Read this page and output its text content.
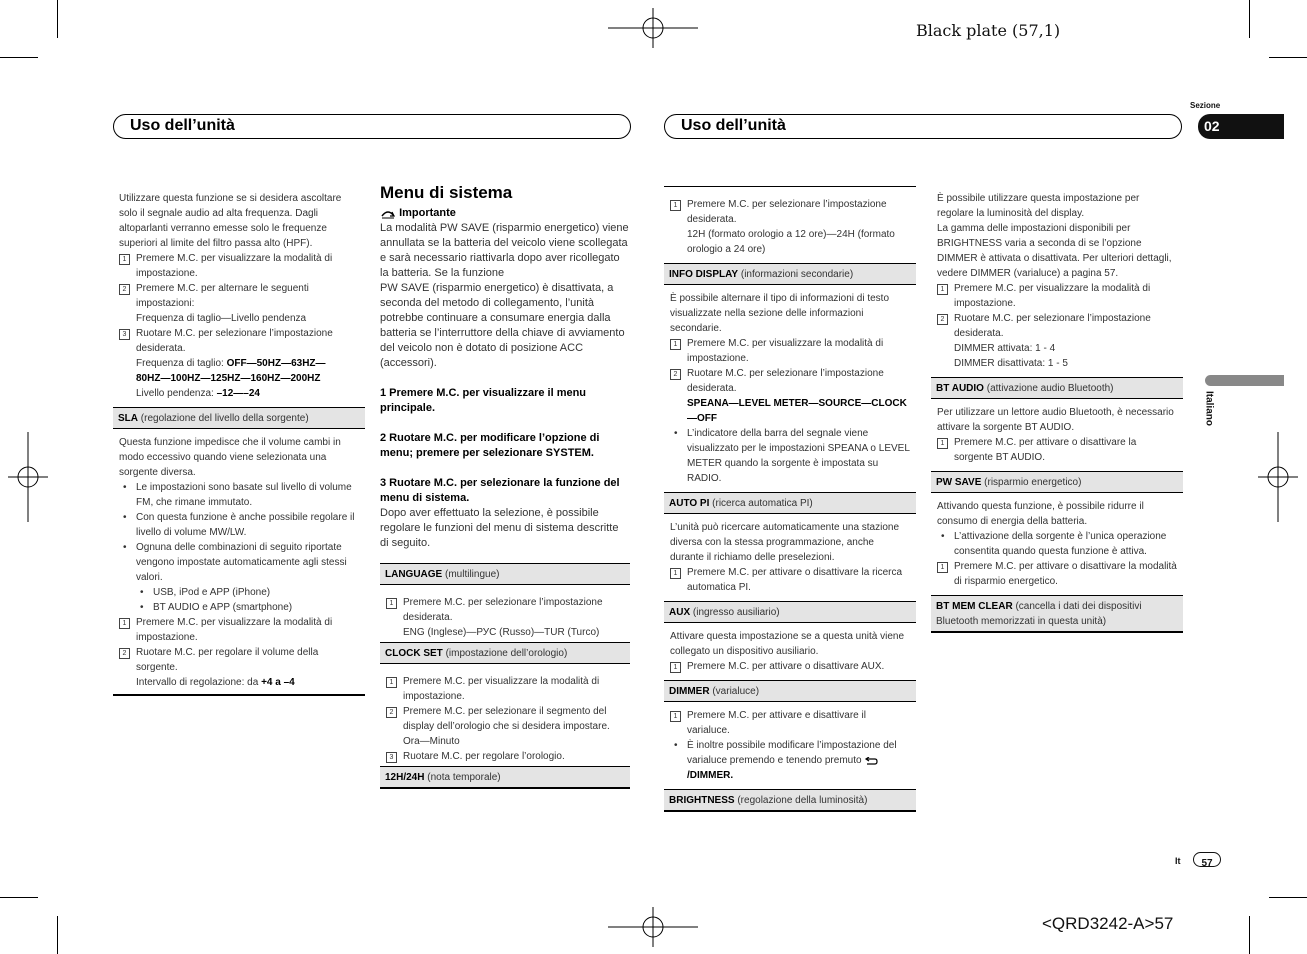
Black plate (57,1)
<QRD3242-A>57
Uso dell’unità	Uso dell’unità
Sezione
02
Italiano
It	57

Utilizzare questa funzione se si desidera ascoltare solo il segnale audio ad alta frequenza. Dagli altoparlanti verranno emesse solo le frequenze superiori al limite del filtro passa alto (HPF).

1 Premere M.C. per visualizzare la modalità di impostazione.
2 Premere M.C. per alternare le seguenti impostazioni:

Frequenza di taglio—Livello pendenza

3 Ruotare M.C. per selezionare l’impostazione desiderata.

Frequenza di taglio: OFF—50HZ—63HZ—

80HZ—100HZ—125HZ—160HZ—200HZ

Livello pendenza: –12—–24

SLA (regolazione del livello della sorgente)

Questa funzione impedisce che il volume cambi in modo eccessivo quando viene selezionata una sorgente diversa.

• Le impostazioni sono basate sul livello di volume FM, che rimane immutato.
• Con questa funzione è anche possibile regolare il livello di volume MW/LW.
• Ognuna delle combinazioni di seguito riportate vengono impostate automaticamente agli stessi valori.
• USB, iPod e APP (iPhone)
• BT AUDIO e APP (smartphone)
1 Premere M.C. per visualizzare la modalità di impostazione.
2 Ruotare M.C. per regolare il volume della sorgente.

Intervallo di regolazione: da +4 a –4

Menu di sistema

Importante

La modalità PW SAVE (risparmio energetico) viene annullata se la batteria del veicolo viene scollegata e sarà necessario riattivarla dopo aver ricollegato la batteria. Se la funzione

PW SAVE (risparmio energetico) è disattivata, a seconda del metodo di collegamento, l’unità potrebbe continuare a consumare energia dalla batteria se l’interruttore della chiave di avviamento del veicolo non è dotato di posizione ACC (accessori).

1 Premere M.C. per visualizzare il menu principale.

2 Ruotare M.C. per modificare l’opzione di menu; premere per selezionare SYSTEM.

3 Ruotare M.C. per selezionare la funzione del menu di sistema.

Dopo aver effettuato la selezione, è possibile regolare le funzioni del menu di sistema descritte di seguito.

LANGUAGE (multilingue)
1 Premere M.C. per selezionare l’impostazione desiderata.

ENG (Inglese)—РУС (Russo)—TUR (Turco)

CLOCK SET (impostazione dell’orologio)
1 Premere M.C. per visualizzare la modalità di impostazione.
2 Premere M.C. per selezionare il segmento del display dell’orologio che si desidera impostare.

Ora—Minuto

3 Ruotare M.C. per regolare l’orologio.
12H/24H (nota temporale)
1 Premere M.C. per selezionare l’impostazione desiderata.

12H (formato orologio a 12 ore)—24H (formato orologio a 24 ore)

INFO DISPLAY (informazioni secondarie)

È possibile alternare il tipo di informazioni di testo visualizzate nella sezione delle informazioni secondarie.

1 Premere M.C. per visualizzare la modalità di impostazione.
2 Ruotare M.C. per selezionare l’impostazione desiderata.

SPEANA—LEVEL METER—SOURCE—CLOCK—OFF

• L’indicatore della barra del segnale viene visualizzato per le impostazioni SPEANA o LEVEL METER quando la sorgente è impostata su RADIO.
AUTO PI (ricerca automatica PI)

L’unità può ricercare automaticamente una stazione diversa con la stessa programmazione, anche durante il richiamo delle preselezioni.

1 Premere M.C. per attivare o disattivare la ricerca automatica PI.
AUX (ingresso ausiliario)

Attivare questa impostazione se a questa unità viene collegato un dispositivo ausiliario.

1 Premere M.C. per attivare o disattivare AUX.
DIMMER (varialuce)
1 Premere M.C. per attivare e disattivare il varialuce.
• È inoltre possibile modificare l’impostazione del varialuce premendo e tenendo premuto  /DIMMER.
BRIGHTNESS (regolazione della luminosità)

È possibile utilizzare questa impostazione per regolare la luminosità del display.

La gamma delle impostazioni disponibili per BRIGHTNESS varia a seconda di se l’opzione DIMMER è attivata o disattivata. Per ulteriori dettagli, vedere DIMMER (varialuce) a pagina 57.

1 Premere M.C. per visualizzare la modalità di impostazione.
2 Ruotare M.C. per selezionare l’impostazione desiderata.

DIMMER attivata: 1 - 4

DIMMER disattivata: 1 - 5

BT AUDIO (attivazione audio Bluetooth)

Per utilizzare un lettore audio Bluetooth, è necessario attivare la sorgente BT AUDIO.

1 Premere M.C. per attivare o disattivare la sorgente BT AUDIO.
PW SAVE (risparmio energetico)

Attivando questa funzione, è possibile ridurre il consumo di energia della batteria.

• L’attivazione della sorgente è l’unica operazione consentita quando questa funzione è attiva.
1 Premere M.C. per attivare o disattivare la modalità di risparmio energetico.
BT MEM CLEAR (cancella i dati dei dispositivi Bluetooth memorizzati in questa unità)
